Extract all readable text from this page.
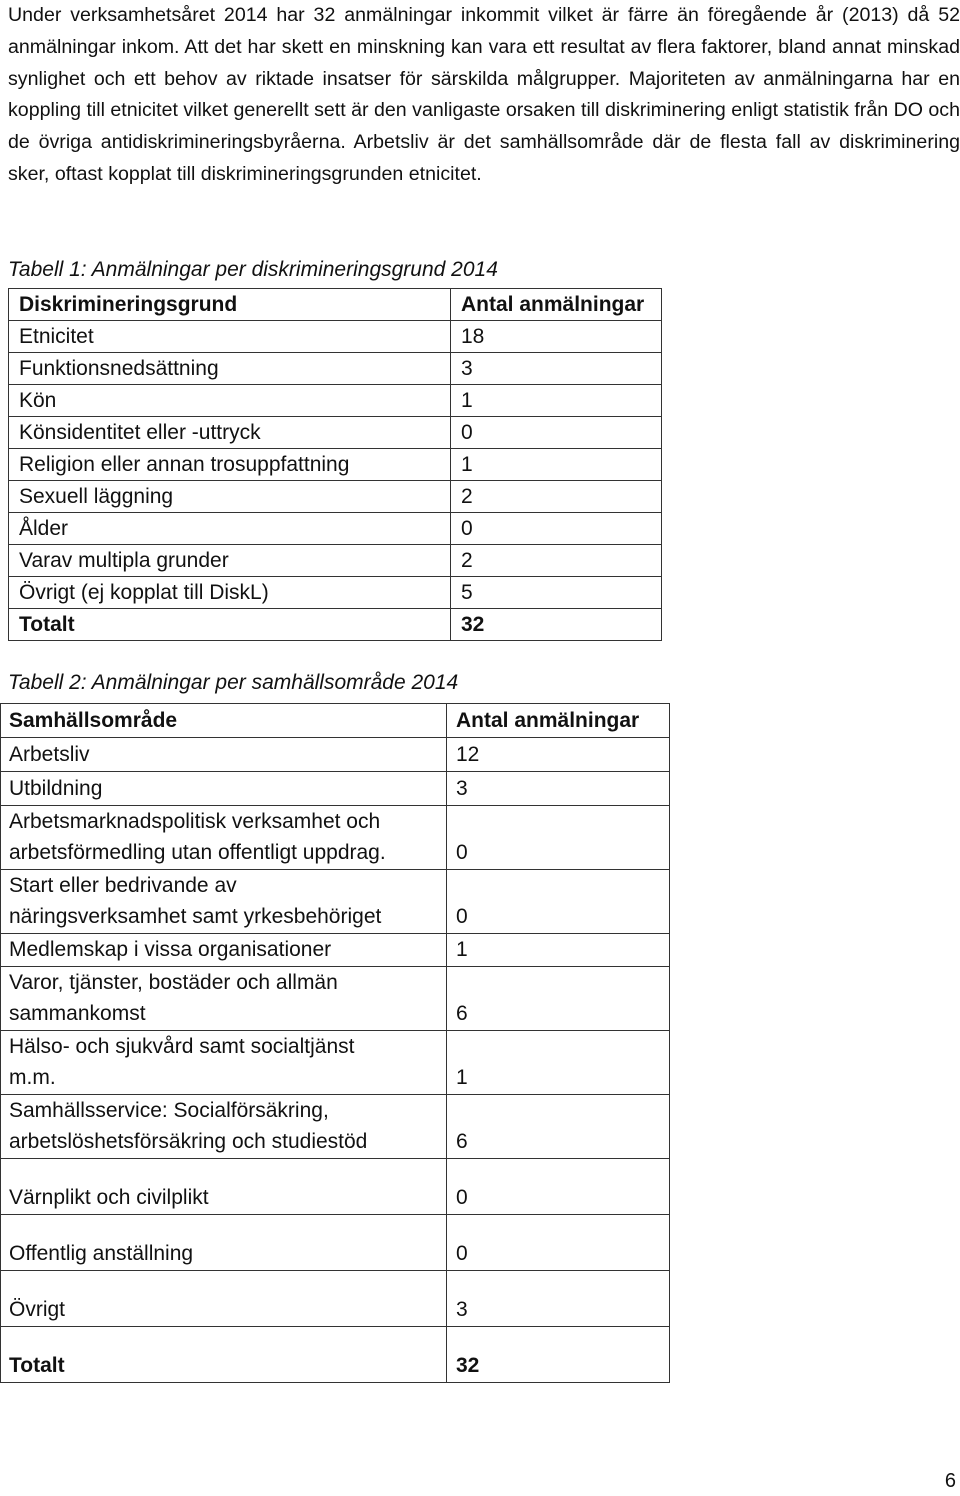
Under verksamhetsåret 2014 har 32 anmälningar inkommit vilket är färre än föregående år (2013) då 52 anmälningar inkom. Att det har skett en minskning kan vara ett resultat av flera faktorer, bland annat minskad synlighet och ett behov av riktade insatser för särskilda målgrupper. Majoriteten av anmälningarna har en koppling till etnicitet vilket generellt sett är den vanligaste orsaken till diskriminering enligt statistik från DO och de övriga antidiskrimineringsbyråerna. Arbetsliv är det samhällsområde där de flesta fall av diskriminering sker, oftast kopplat till diskrimineringsgrunden etnicitet.

Tabell 1: Anmälningar per diskrimineringsgrund 2014

Diskrimineringsgrund	Antal anmälningar
Etnicitet	18
Funktionsnedsättning	3
Kön	1
Könsidentitet eller -uttryck	0
Religion eller annan trosuppfattning	1
Sexuell läggning	2
Ålder	0
Varav multipla grunder	2
Övrigt (ej kopplat till DiskL)	5
Totalt	32

Tabell 2: Anmälningar per samhällsområde 2014

Samhällsområde	Antal anmälningar
Arbetsliv	12
Utbildning	3
Arbetsmarknadspolitisk verksamhet och
arbetsförmedling utan offentligt uppdrag.	0
Start eller bedrivande av
näringsverksamhet samt yrkesbehöriget	0
Medlemskap i vissa organisationer	1
Varor, tjänster, bostäder och allmän
sammankomst	6
Hälso- och sjukvård samt socialtjänst
m.m.	1
Samhällsservice: Socialförsäkring,
arbetslöshetsförsäkring och studiestöd	6
Värnplikt och civilplikt	0
Offentlig anställning	0
Övrigt	3
Totalt	32

6
